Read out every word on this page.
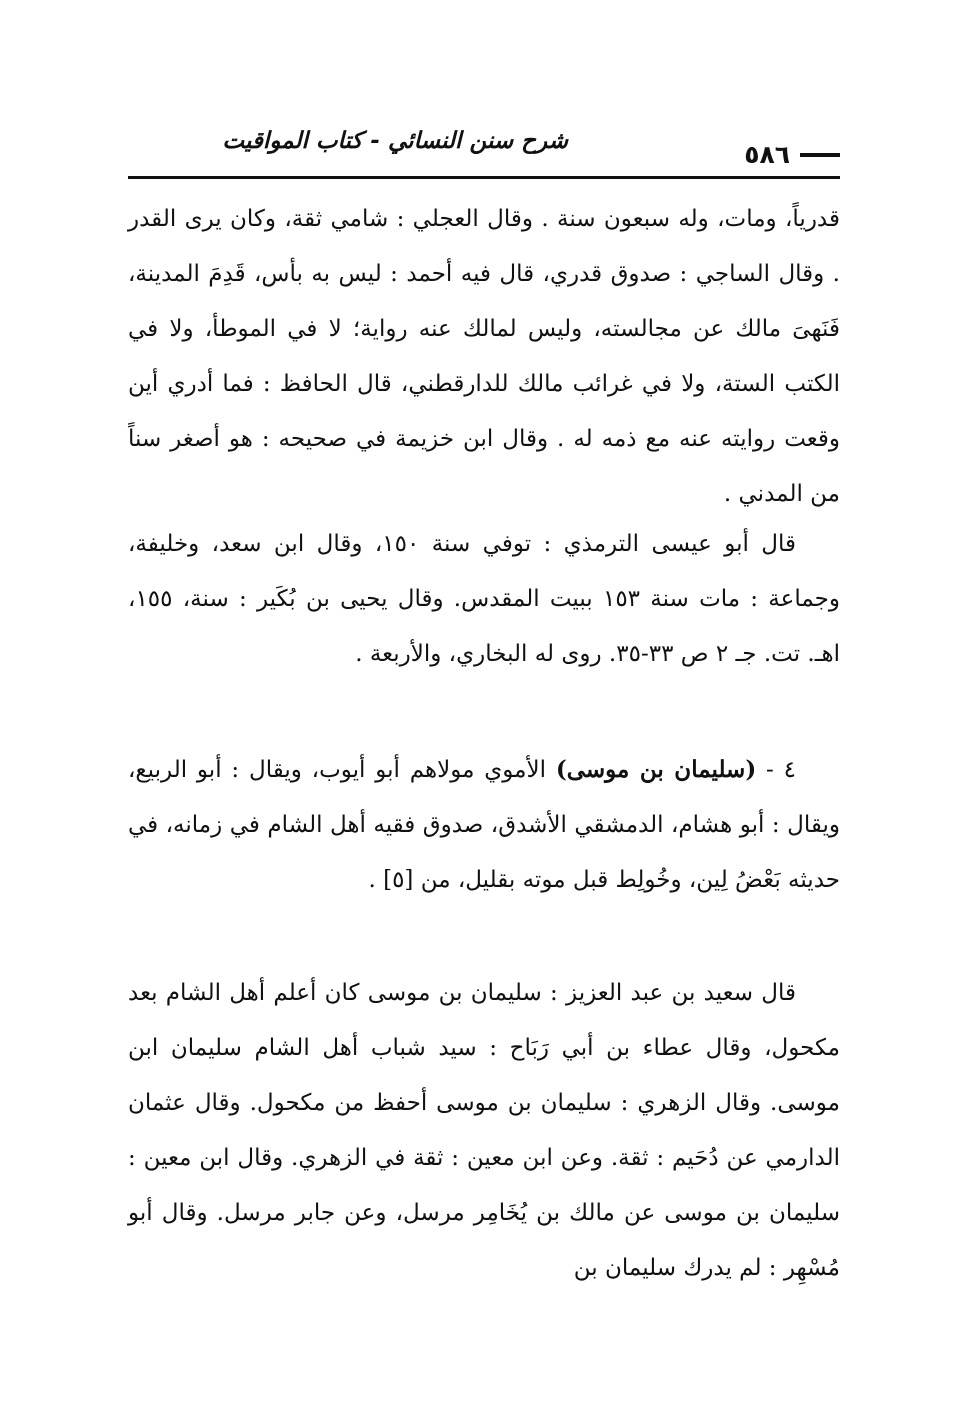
شرح سنن النسائي - كتاب المواقيت	٥٨٦

قدرياً، ومات، وله سبعون سنة . وقال العجلي : شامي ثقة، وكان يرى القدر . وقال الساجي : صدوق قدري، قال فيه أحمد : ليس به بأس، قَدِمَ المدينة، فَنَهىَ مالك عن مجالسته، وليس لمالك عنه رواية؛ لا في الموطأ، ولا في الكتب الستة، ولا في غرائب مالك للدارقطني، قال الحافظ : فما أدري أين وقعت روايته عنه مع ذمه له . وقال ابن خزيمة في صحيحه : هو أصغر سناً من المدني .

قال أبو عيسى الترمذي : توفي سنة ١٥٠، وقال ابن سعد، وخليفة، وجماعة : مات سنة ١٥٣ ببيت المقدس. وقال يحيى بن بُكَير : سنة، ١٥٥، اهـ. تت. جـ ٢ ص ٣٣-٣٥. روى له البخاري، والأربعة .

٤ - (سليمان بن موسى) الأموي مولاهم أبو أيوب، ويقال : أبو الربيع، ويقال : أبو هشام، الدمشقي الأشدق، صدوق فقيه أهل الشام في زمانه، في حديثه بَعْضُ لِين، وخُولِط قبل موته بقليل، من [٥] .

قال سعيد بن عبد العزيز : سليمان بن موسى كان أعلم أهل الشام بعد مكحول، وقال عطاء بن أبي رَبَاح : سيد شباب أهل الشام سليمان ابن موسى. وقال الزهري : سليمان بن موسى أحفظ من مكحول. وقال عثمان الدارمي عن دُحَيم : ثقة. وعن ابن معين : ثقة في الزهري. وقال ابن معين : سليمان بن موسى عن مالك بن يُخَامِر مرسل، وعن جابر مرسل. وقال أبو مُسْهِر : لم يدرك سليمان بن
